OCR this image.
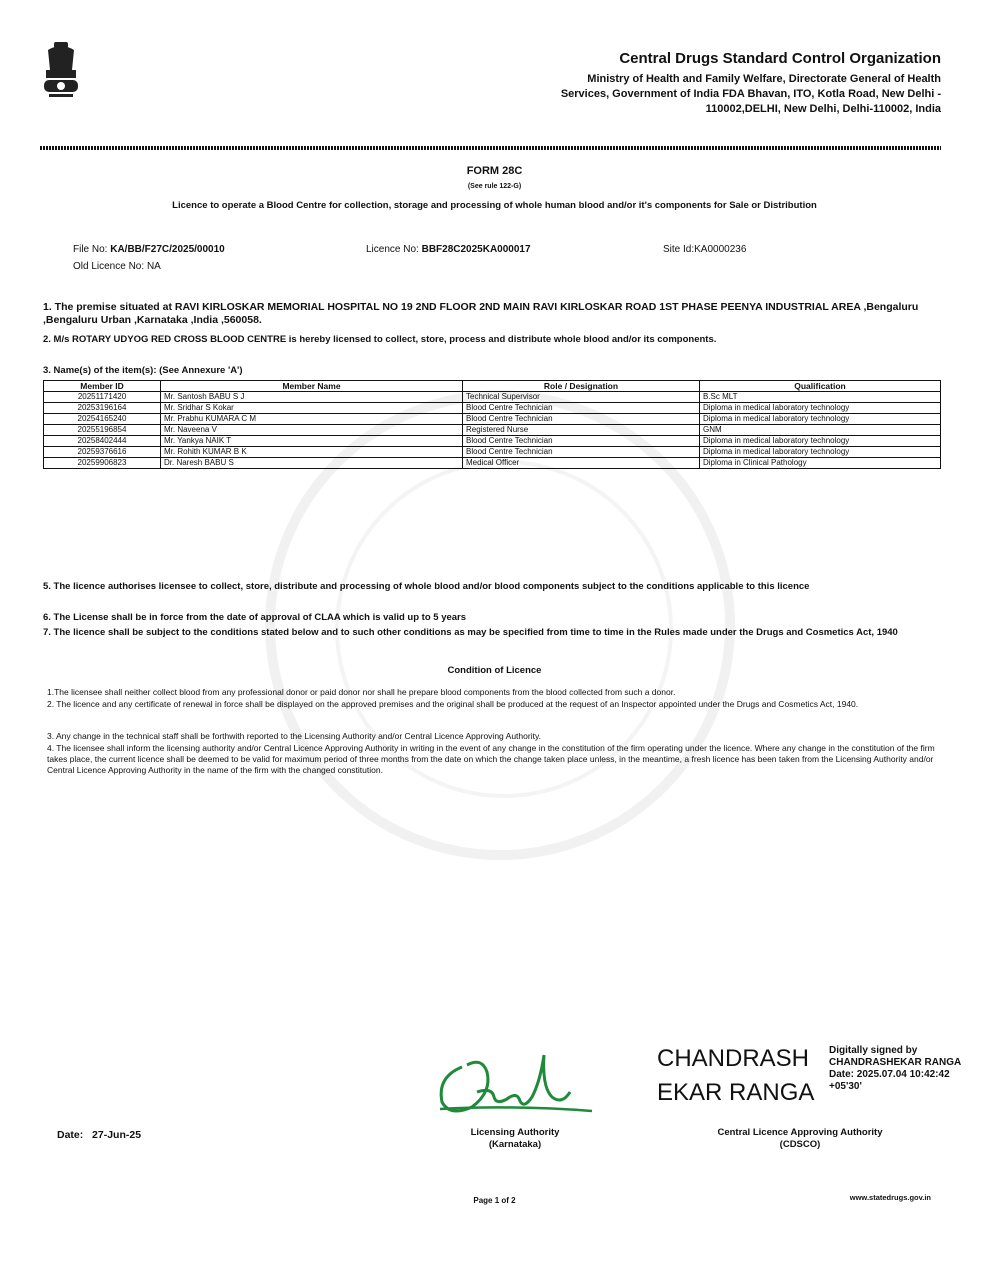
Central Drugs Standard Control Organization
Ministry of Health and Family Welfare, Directorate General of Health
Services, Government of India FDA Bhavan, ITO, Kotla Road, New Delhi -
110002,DELHI, New Delhi, Delhi-110002, India
FORM 28C
(See rule 122-G)
Licence to operate a Blood Centre for collection, storage and processing of whole human blood and/or it's components for Sale or Distribution
File No: KA/BB/F27C/2025/00010
Old Licence No: NA
Licence No: BBF28C2025KA000017	Site Id:KA0000236
1. The premise situated at RAVI KIRLOSKAR MEMORIAL HOSPITAL NO 19 2ND FLOOR 2ND MAIN RAVI KIRLOSKAR ROAD 1ST PHASE PEENYA INDUSTRIAL AREA ,Bengaluru ,Bengaluru Urban ,Karnataka ,India ,560058.
2. M/s ROTARY UDYOG RED CROSS BLOOD CENTRE is hereby licensed to collect, store, process and distribute whole blood and/or its components.
3. Name(s) of the item(s): (See Annexure 'A')
Member ID	Member Name	Role / Designation	Qualification
20251171420	Mr. Santosh BABU S J	Technical Supervisor	B.Sc MLT
20253196164	Mr. Sridhar S Kokar	Blood Centre Technician	Diploma in medical laboratory technology
20254165240	Mr. Prabhu KUMARA C M	Blood Centre Technician	Diploma in medical laboratory technology
20255196854	Mr. Naveena V	Registered Nurse	GNM
20258402444	Mr. Yankya NAIK T	Blood Centre Technician	Diploma in medical laboratory technology
20259376616	Mr. Rohith KUMAR B K	Blood Centre Technician	Diploma in medical laboratory technology
20259906823	Dr. Naresh BABU S	Medical Officer	Diploma in Clinical Pathology
5. The licence authorises licensee to collect, store, distribute and processing of whole blood and/or blood components subject to the conditions applicable to this licence
6. The License shall be in force from the date of approval of CLAA which is valid up to 5 years
7. The licence shall be subject to the conditions stated below and to such other conditions as may be specified from time to time in the Rules made under the Drugs and Cosmetics Act, 1940
Condition of Licence
1.The licensee shall neither collect blood from any professional donor or paid donor nor shall he prepare blood components from the blood collected from such a donor.
2. The licence and any certificate of renewal in force shall be displayed on the approved premises and the original shall be produced at the request of an Inspector appointed under the Drugs and Cosmetics Act, 1940.
3. Any change in the technical staff shall be forthwith reported to the Licensing Authority and/or Central Licence Approving Authority.
4. The licensee shall inform the licensing authority and/or Central Licence Approving Authority in writing in the event of any change in the constitution of the firm operating under the licence. Where any change in the constitution of the firm takes place, the current licence shall be deemed to be valid for maximum period of three months from the date on which the change taken place unless, in the meantime, a fresh licence has been taken from the Licensing Authority and/or Central Licence Approving Authority in the name of the firm with the changed constitution.
Date: 27-Jun-25	Licensing Authority
(Karnataka)
CHANDRASH
EKAR RANGA
Digitally signed by
CHANDRASHEKAR RANGA
Date: 2025.07.04 10:42:42
+05'30'
Central Licence Approving Authority
(CDSCO)
Page 1 of 2	www.statedrugs.gov.in
